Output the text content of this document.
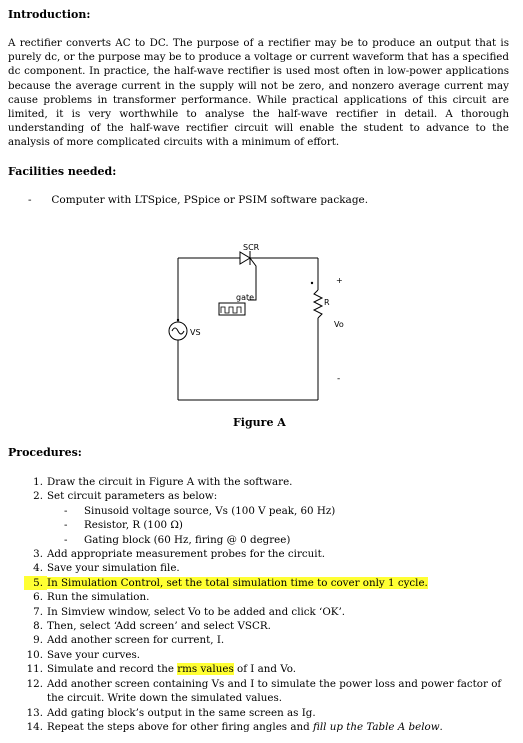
Introduction:

A rectifier converts AC to DC. The purpose of a rectifier may be to produce an output that is purely dc, or the purpose may be to produce a voltage or current waveform that has a specified dc component. In practice, the half-wave rectifier is used most often in low-power applications because the average current in the supply will not be zero, and nonzero average current may cause problems in transformer performance. While practical applications of this circuit are limited, it is very worthwhile to analyse the half-wave rectifier in detail. A thorough understanding of the half-wave rectifier circuit will enable the student to advance to the analysis of more complicated circuits with a minimum of effort.

Facilities needed:
- Computer with LTSpice, PSpice or PSIM software package.
SCR
gate
VS
R
Vo
+
-
Figure A
Procedures:
1. Draw the circuit in Figure A with the software.
2. Set circuit parameters as below:
-	Sinusoid voltage source, Vs (100 V peak, 60 Hz)
-	Resistor, R (100 Ω)
-	Gating block (60 Hz, firing @ 0 degree)
3. Add appropriate measurement probes for the circuit.
4. Save your simulation file.
5. In Simulation Control, set the total simulation time to cover only 1 cycle.
6. Run the simulation.
7. In Simview window, select Vo to be added and click ‘OK’.
8. Then, select ‘Add screen’ and select VSCR.
9. Add another screen for current, I.
10. Save your curves.
11. Simulate and record the rms values of I and Vo.
12. Add another screen containing Vs and I to simulate the power loss and power factor of
the circuit. Write down the simulated values.
13. Add gating block’s output in the same screen as Ig.
14. Repeat the steps above for other firing angles and fill up the Table A below.
